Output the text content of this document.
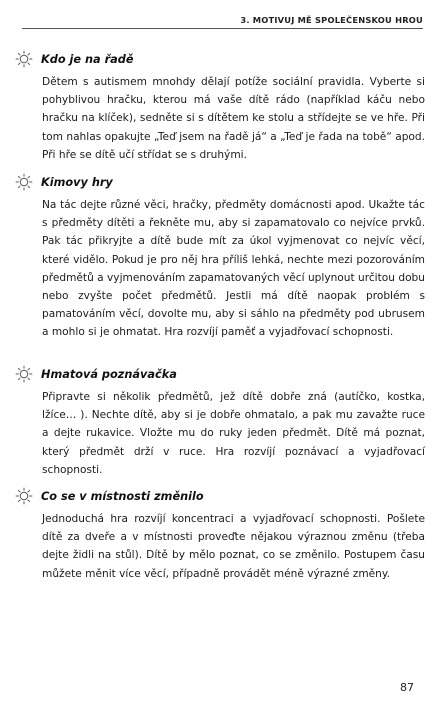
3. MOTIVUJ MĚ SPOLEČENSKOU HROU
Kdo je na řadě

Dětem s autismem mnohdy dělají potíže sociální pravidla. Vyberte si pohyblivou hračku, kterou má vaše dítě rádo (například káču nebo hračku na klíček), sedněte si s dítětem ke stolu a střídejte se ve hře. Při tom nahlas opakujte „Teď jsem na řadě já“ a „Teď je řada na tobě“ apod. Při hře se dítě učí střídat se s druhými.

Kimovy hry

Na tác dejte různé věci, hračky, předměty domácnosti apod. Ukažte tác s předměty dítěti a řekněte mu, aby si zapamatovalo co nejvíce prvků. Pak tác přikryjte a dítě bude mít za úkol vyjmenovat co nejvíc věcí, které vidělo. Pokud je pro něj hra příliš lehká, nechte mezi pozorováním předmětů a vyjmenováním zapamatovaných věcí uplynout určitou dobu nebo zvyšte počet předmětů. Jestli má dítě naopak problém s pamatováním věcí, dovolte mu, aby si sáhlo na předměty pod ubrusem a mohlo si je ohmatat. Hra rozvíjí paměť a vyjadřovací schopnosti.

Hmatová poznávačka

Připravte si několik předmětů, jež dítě dobře zná (autíčko, kostka, lžíce… ). Nechte dítě, aby si je dobře ohmatalo, a pak mu zavažte ruce a dejte rukavice. Vložte mu do ruky jeden předmět. Dítě má poznat, který předmět drží v ruce. Hra rozvíjí poznávací a vyjadřovací schopnosti.

Co se v místnosti změnilo

Jednoduchá hra rozvíjí koncentraci a vyjadřovací schopnosti. Pošlete dítě za dveře a v místnosti proveďte nějakou výraznou změnu (třeba dejte židli na stůl). Dítě by mělo poznat, co se změnilo. Postupem času můžete měnit více věcí, případně provádět méně výrazné změny.

87
